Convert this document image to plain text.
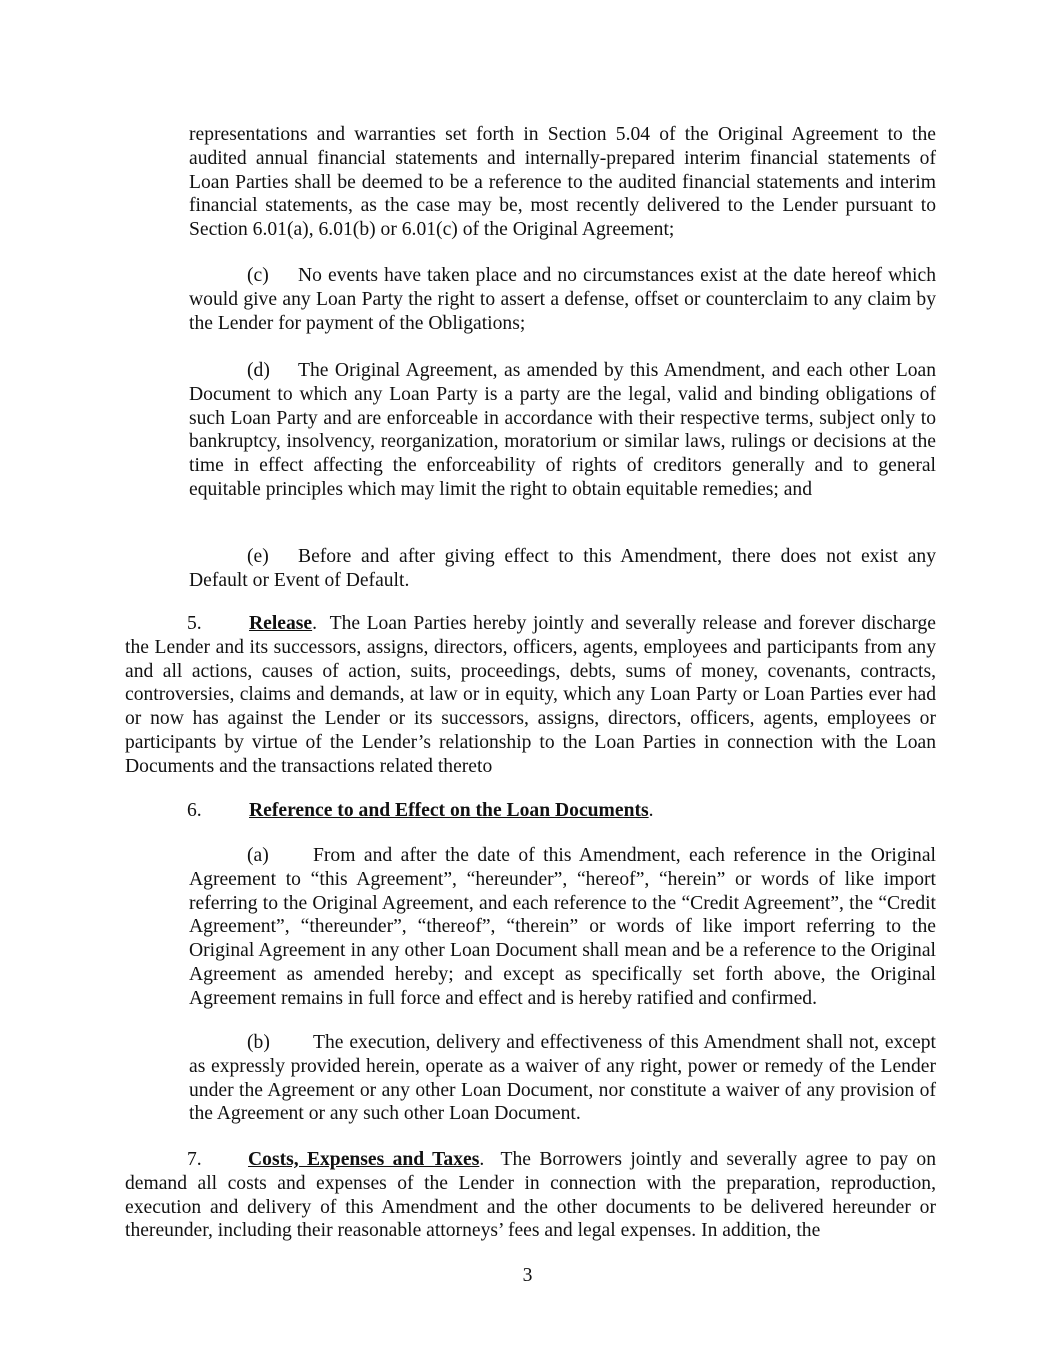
representations and warranties set forth in Section 5.04 of the Original Agreement to the audited annual financial statements and internally-prepared interim financial statements of Loan Parties shall be deemed to be a reference to the audited financial statements and interim financial statements, as the case may be, most recently delivered to the Lender pursuant to Section 6.01(a), 6.01(b) or 6.01(c) of the Original Agreement;

(c) No events have taken place and no circumstances exist at the date hereof which would give any Loan Party the right to assert a defense, offset or counterclaim to any claim by the Lender for payment of the Obligations;

(d) The Original Agreement, as amended by this Amendment, and each other Loan Document to which any Loan Party is a party are the legal, valid and binding obligations of such Loan Party and are enforceable in accordance with their respective terms, subject only to bankruptcy, insolvency, reorganization, moratorium or similar laws, rulings or decisions at the time in effect affecting the enforceability of rights of creditors generally and to general equitable principles which may limit the right to obtain equitable remedies; and

(e) Before and after giving effect to this Amendment, there does not exist any Default or Event of Default.

5. Release. The Loan Parties hereby jointly and severally release and forever discharge the Lender and its successors, assigns, directors, officers, agents, employees and participants from any and all actions, causes of action, suits, proceedings, debts, sums of money, covenants, contracts, controversies, claims and demands, at law or in equity, which any Loan Party or Loan Parties ever had or now has against the Lender or its successors, assigns, directors, officers, agents, employees or participants by virtue of the Lender’s relationship to the Loan Parties in connection with the Loan Documents and the transactions related thereto

6. Reference to and Effect on the Loan Documents.

(a) From and after the date of this Amendment, each reference in the Original Agreement to “this Agreement”, “hereunder”, “hereof”, “herein” or words of like import referring to the Original Agreement, and each reference to the “Credit Agreement”, the “Credit Agreement”, “thereunder”, “thereof”, “therein” or words of like import referring to the Original Agreement in any other Loan Document shall mean and be a reference to the Original Agreement as amended hereby; and except as specifically set forth above, the Original Agreement remains in full force and effect and is hereby ratified and confirmed.

(b) The execution, delivery and effectiveness of this Amendment shall not, except as expressly provided herein, operate as a waiver of any right, power or remedy of the Lender under the Agreement or any other Loan Document, nor constitute a waiver of any provision of the Agreement or any such other Loan Document.

7. Costs, Expenses and Taxes. The Borrowers jointly and severally agree to pay on demand all costs and expenses of the Lender in connection with the preparation, reproduction, execution and delivery of this Amendment and the other documents to be delivered hereunder or thereunder, including their reasonable attorneys’ fees and legal expenses. In addition, the

3
